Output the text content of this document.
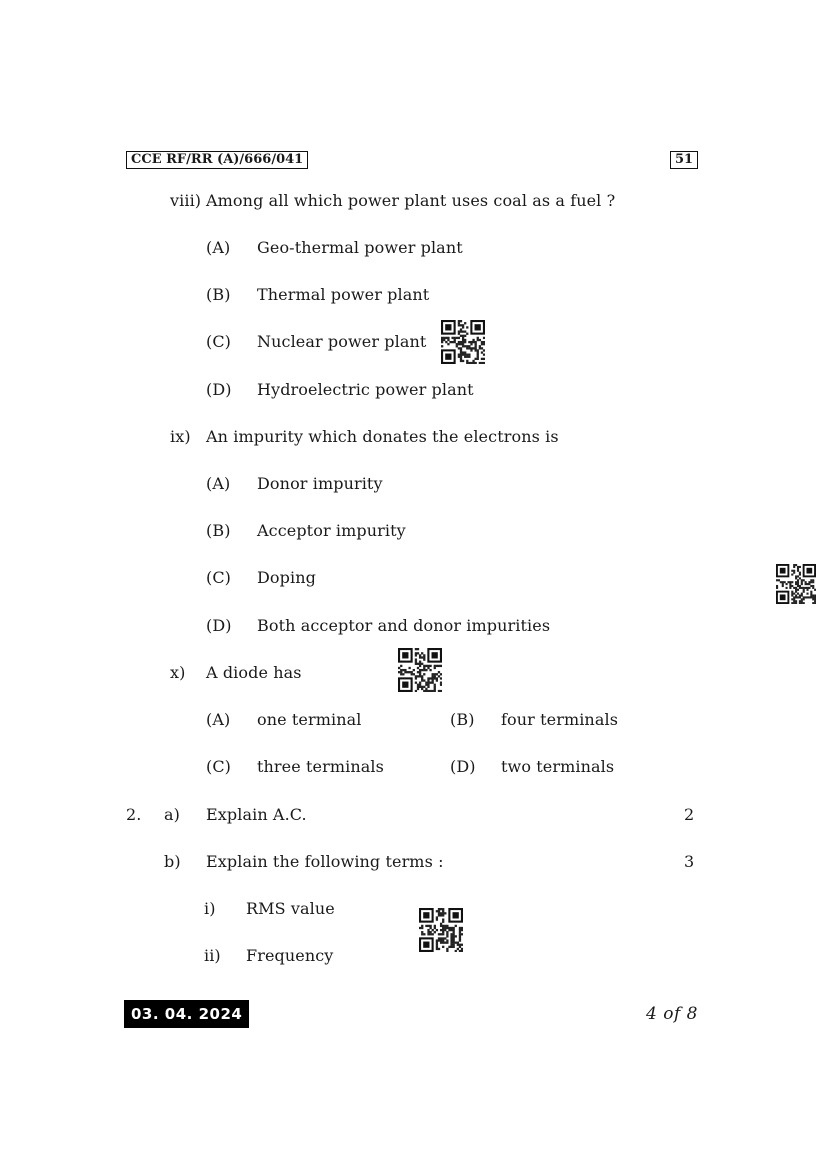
CCE RF/RR (A)/666/041	51
viii) Among all which power plant uses coal as a fuel ?
(A) Geo-thermal power plant
(B) Thermal power plant
(C) Nuclear power plant
(D) Hydroelectric power plant
ix) An impurity which donates the electrons is
(A) Donor impurity
(B) Acceptor impurity
(C) Doping
(D) Both acceptor and donor impurities
x) A diode has
(A) one terminal	(B) four terminals
(C) three terminals	(D) two terminals
2. a) Explain A.C.	2
b) Explain the following terms :	3
i) RMS value
ii) Frequency
03. 04. 2024	4 of 8
